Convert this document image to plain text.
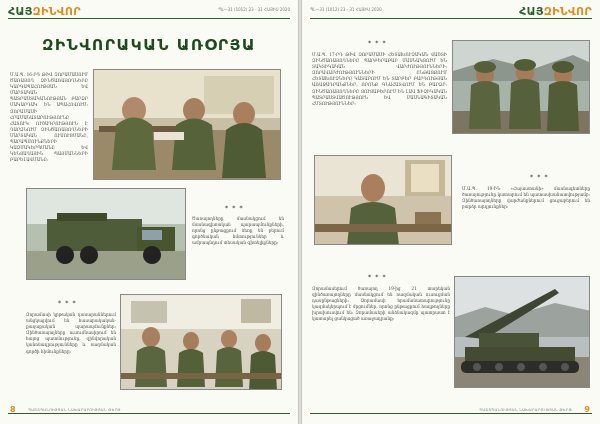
ՀԱՅԶԻՆՎՈՐ	ՊԼ—31 (1012) 23 - 31 ՀԱՅԻՍ 2020
ԶԻՆՎՈՐԱԿԱՆ ԱՌՕՐՅԱ
Մ.Ա.Պ. 16-ՐԴ ԹԻՎ ԶՈՐԱՄԱՍՈՒՄ ԾԱՌԱՅՈՂ ԶԻՆԾԱՌԱՅՈՂՆԵՐԸ ԿԱՐԳԱՊԱՀՈՒԹՅԱՆ ԵՎ ՄԱՐՏԱԿԱՆ ՊԱՏՐԱՍՏԱԿԱՆՈՒԹՅԱՆ ԲԱՐՁՐ ՄԱԿԱՐԴԱԿ ԵՆ ԱՊԱՀՈՎՈՒՄ։ ԶՈՐԱՄԱՍԻ ՀՐԱՄԱՆԱՏԱՐՈՒԹՅՈՒՆԸ ՀԱՏՈՒԿ ՈՒՇԱԴՐՈՒԹՅՈՒՆ Է ԴԱՐՁՆՈՒՄ ԶԻՆԾԱՌԱՅՈՂՆԵՐԻ ՄԱՐՏԱԿԱՆ ՈՒՍՈՒՑՄԱՆԸ, ՊԱՐԱՊՄՈՒՆՔՆԵՐԻ ԿԱԶՄԱԿԵՐՊՄԱՆԸ ԵՎ ԿԵՆՑԱՂԱՅԻՆ ՊԱՅՄԱՆՆԵՐԻ ԲԱՐԵԼԱՎՄԱՆԸ։
* * *
Ծառայողները մասնակցում են մասնագիտական պարապմունքների, որոնց ընթացքում ձեռք են բերում գործնական հմտություններ և ամրապնդում տեսական գիտելիքները։
* * *
Զորամասի կրթական դասարաններում անցկացվում են հասարակական-քաղաքական պարապմունքներ։ Զինծառայողները ուսումնասիրում են հայոց պատմությունը, զինվորական կանոնադրությունները և ռազմական գործի հիմունքները։
8	ՊԱՇՏՊԱՆՈՒԹՅԱՆ ՆԱԽԱՐԱՐՈՒԹՅԱՆ ԹԵՐԹ
ՊԼ—31 (1012) 23 - 31 ՀԱՅԻՍ 2020	ՀԱՅԶԻՆՎՈՐ
* * *
Մ.Ա.Պ. 17-ՐԴ ԹԻՎ ԶՈՐԱՄԱՍԻ ՀԵՏԱԽՈՒԶԱԿԱՆ ՎԱՇՏԻ ԶԻՆԾԱՌԱՅՈՂՆԵՐԸ ՊԱՐԲԵՐԱԲԱՐ ՄԱՍՆԱԿՑՈՒՄ ԵՆ ՏԱԿՏԻԿԱԿԱՆ ՎԱՐԺՈՒԹՅՈՒՆՆԵՐԻ։ ԶՈՐԱՎԱՐԺՈՒԹՅՈՒՆՆԵՐԻ ԸՆԹԱՑՔՈՒՄ ՀԵՏԱԽՈՒԶՆԵՐԸ ԿԱՏԱՐՈՒՄ ԵՆ ՏԱՐԲԵՐ ԲԱՐԴՈՒԹՅԱՆ ԱՌԱՋԱԴՐԱՆՔՆԵՐ, ՈՐՈՆՔ ԳՆԱՀԱՏՎՈՒՄ ԵՆ ԲԱՐՁՐ։ ԶԻՆԾԱՌԱՅՈՂՆԵՐԸ ՑՈՒՑԱԲԵՐՈՒՄ ԵՆ ԼԱՎ ՖԻԶԻԿԱԿԱՆ ՊԱՏՐԱՍՏՎԱԾՈՒԹՅՈՒՆ ԵՎ ՄԱՍՆԱԳԻՏԱԿԱՆ ՀՄՏՈՒԹՅՈՒՆՆԵՐ։
* * *
Մ.Ա.Պ. 19-ԻՆ «Հայաստանի» մասնագետները ծառայությունը կատարում են պատասխանատվությամբ։ Զինծառայողները վարժանքներում ցուցաբերում են բարձր արդյունքներ։
* * *
Զորամասերում ծառայող 19-ից 21 տարեկան զինծառայողները մասնակցում են ռազմական ուսուցման դասընթացների։ Զորամասի հրամանատարությունը կազմակերպում է մրցումներ, որոնց ընթացքում հաղթողները խրախուսվում են։ Զորամասերի անձնակազմը պատրաստ է կատարել ցանկացած առաջադրանք։
ՊԱՇՏՊԱՆՈՒԹՅԱՆ ՆԱԽԱՐԱՐՈՒԹՅԱՆ ԹԵՐԹ 9
